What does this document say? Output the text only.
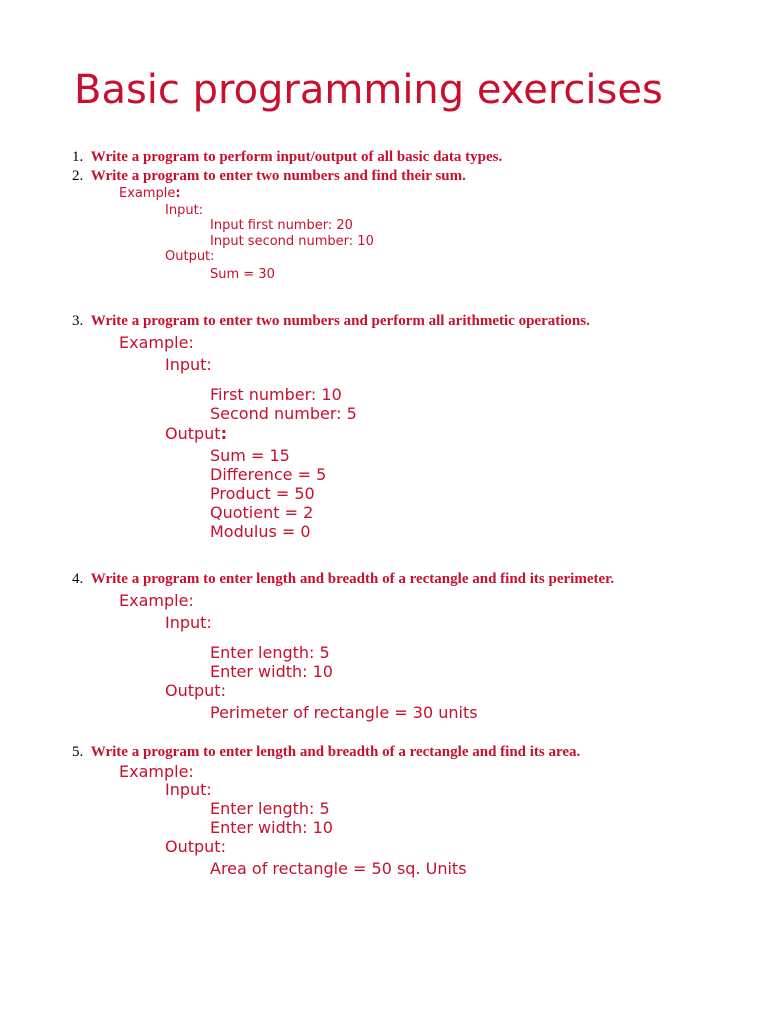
Basic programming exercises
1. Write a program to perform input/output of all basic data types.
2. Write a program to enter two numbers and find their sum.
Example:
Input:
Input first number: 20
Input second number: 10
Output:
Sum = 30
3. Write a program to enter two numbers and perform all arithmetic operations.
Example:
Input:
First number: 10
Second number: 5
Output:
Sum = 15
Difference = 5
Product = 50
Quotient = 2
Modulus = 0
4. Write a program to enter length and breadth of a rectangle and find its perimeter.
Example:
Input:
Enter length: 5
Enter width: 10
Output:
Perimeter of rectangle = 30 units
5. Write a program to enter length and breadth of a rectangle and find its area.
Example:
Input:
Enter length: 5
Enter width: 10
Output:
Area of rectangle = 50 sq. Units
